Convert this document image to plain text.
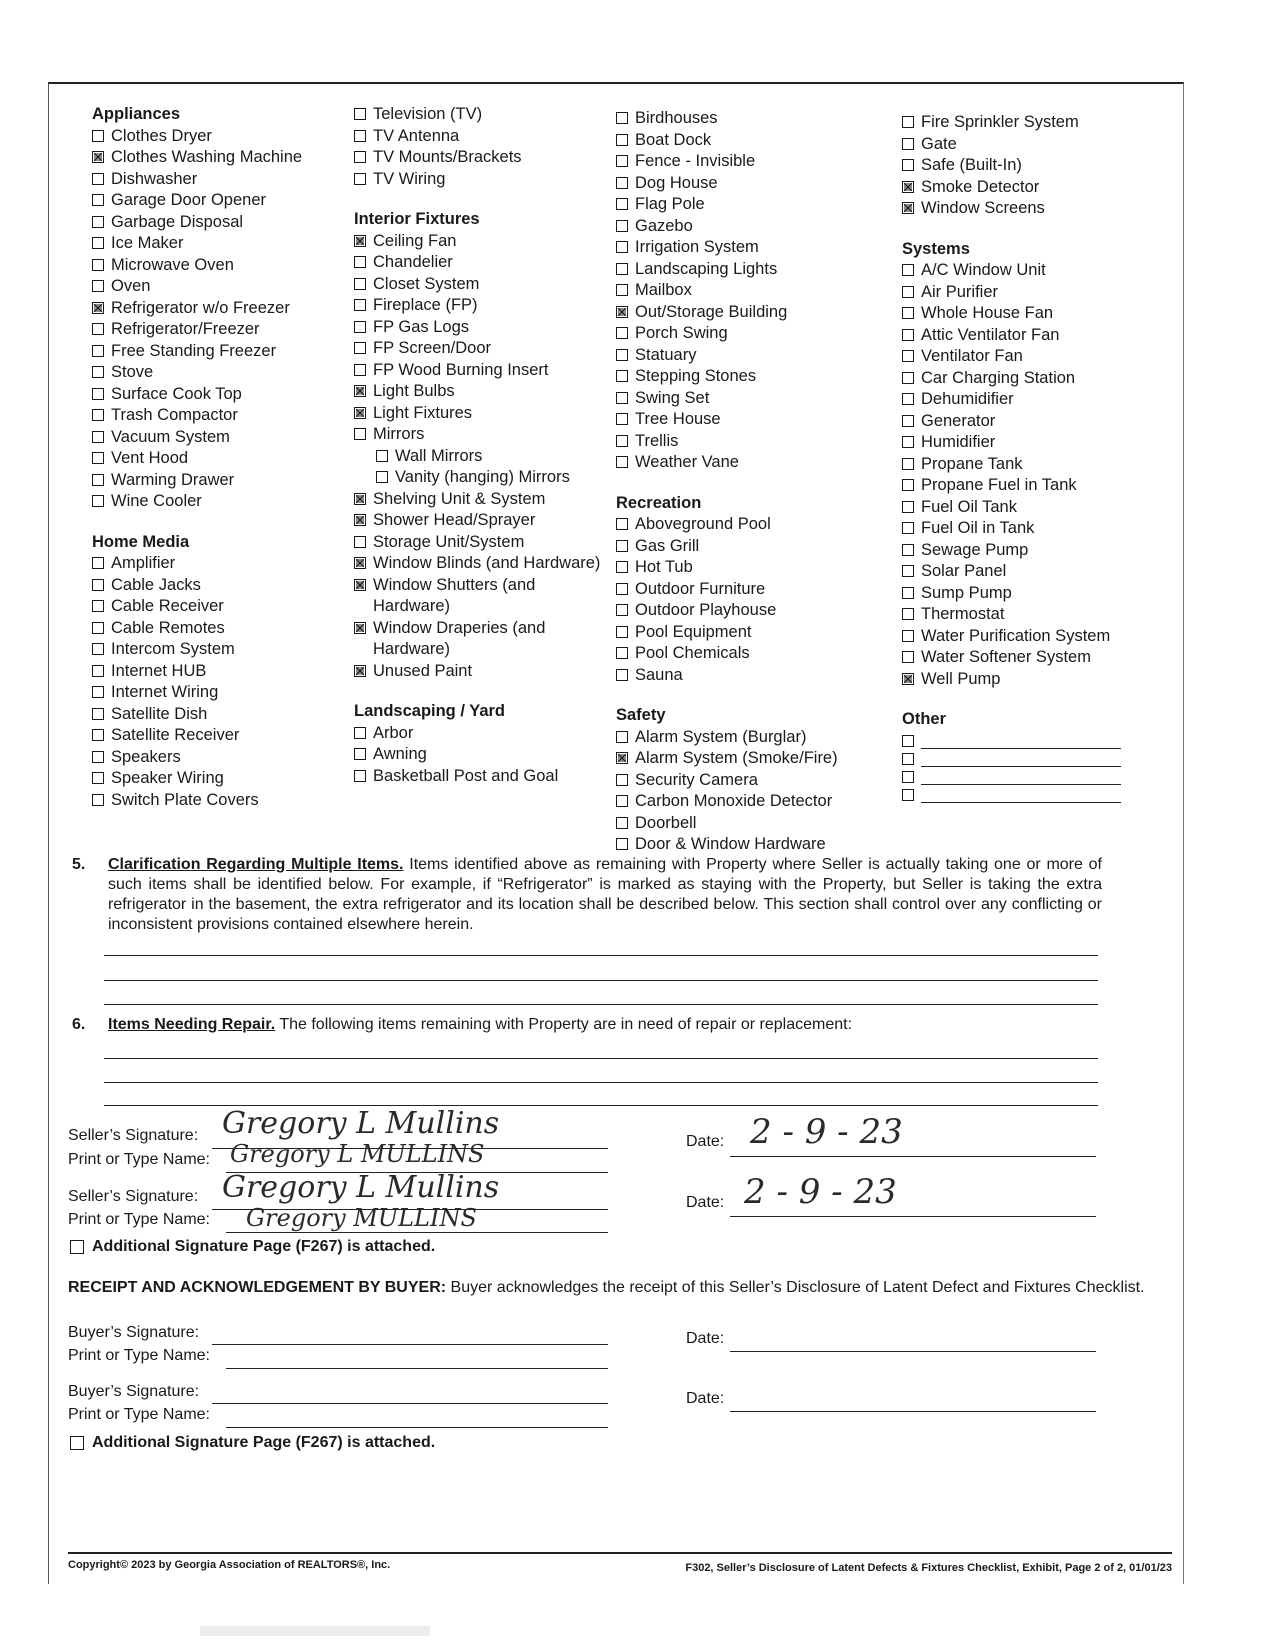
Appliances
Clothes Dryer
Clothes Washing Machine
Dishwasher
Garage Door Opener
Garbage Disposal
Ice Maker
Microwave Oven
Oven
Refrigerator w/o Freezer
Refrigerator/Freezer
Free Standing Freezer
Stove
Surface Cook Top
Trash Compactor
Vacuum System
Vent Hood
Warming Drawer
Wine Cooler
Home Media
Amplifier
Cable Jacks
Cable Receiver
Cable Remotes
Intercom System
Internet HUB
Internet Wiring
Satellite Dish
Satellite Receiver
Speakers
Speaker Wiring
Switch Plate Covers
Television (TV)
TV Antenna
TV Mounts/Brackets
TV Wiring
Interior Fixtures
Ceiling Fan
Chandelier
Closet System
Fireplace (FP)
FP Gas Logs
FP Screen/Door
FP Wood Burning Insert
Light Bulbs
Light Fixtures
Mirrors
Wall Mirrors
Vanity (hanging) Mirrors
Shelving Unit & System
Shower Head/Sprayer
Storage Unit/System
Window Blinds (and Hardware)
Window Shutters (and Hardware)
Window Draperies (and Hardware)
Unused Paint
Landscaping / Yard
Arbor
Awning
Basketball Post and Goal
Birdhouses
Boat Dock
Fence - Invisible
Dog House
Flag Pole
Gazebo
Irrigation System
Landscaping Lights
Mailbox
Out/Storage Building
Porch Swing
Statuary
Stepping Stones
Swing Set
Tree House
Trellis
Weather Vane
Recreation
Aboveground Pool
Gas Grill
Hot Tub
Outdoor Furniture
Outdoor Playhouse
Pool Equipment
Pool Chemicals
Sauna
Safety
Alarm System (Burglar)
Alarm System (Smoke/Fire)
Security Camera
Carbon Monoxide Detector
Doorbell
Door & Window Hardware
Fire Sprinkler System
Gate
Safe (Built-In)
Smoke Detector
Window Screens
Systems
A/C Window Unit
Air Purifier
Whole House Fan
Attic Ventilator Fan
Ventilator Fan
Car Charging Station
Dehumidifier
Generator
Humidifier
Propane Tank
Propane Fuel in Tank
Fuel Oil Tank
Fuel Oil in Tank
Sewage Pump
Solar Panel
Sump Pump
Thermostat
Water Purification System
Water Softener System
Well Pump
Other
5. Clarification Regarding Multiple Items. Items identified above as remaining with Property where Seller is actually taking one or more of such items shall be identified below. For example, if “Refrigerator” is marked as staying with the Property, but Seller is taking the extra refrigerator in the basement, the extra refrigerator and its location shall be described below. This section shall control over any conflicting or inconsistent provisions contained elsewhere herein.
6. Items Needing Repair. The following items remaining with Property are in need of repair or replacement:
Seller’s Signature: Gregory L Mullins
Print or Type Name: Gregory L MULLINS	Date: 2 - 9 - 23
Seller’s Signature: Gregory L Mullins
Print or Type Name: Gregory MULLINS
Date: 2 - 9 - 23
Additional Signature Page (F267) is attached.
RECEIPT AND ACKNOWLEDGEMENT BY BUYER: Buyer acknowledges the receipt of this Seller’s Disclosure of Latent Defect and Fixtures Checklist.
Buyer’s Signature:
Print or Type Name:
Date:
Buyer’s Signature:
Print or Type Name:
Date:
Additional Signature Page (F267) is attached.
Copyright© 2023 by Georgia Association of REALTORS®, Inc.	F302, Seller’s Disclosure of Latent Defects & Fixtures Checklist, Exhibit, Page 2 of 2, 01/01/23
